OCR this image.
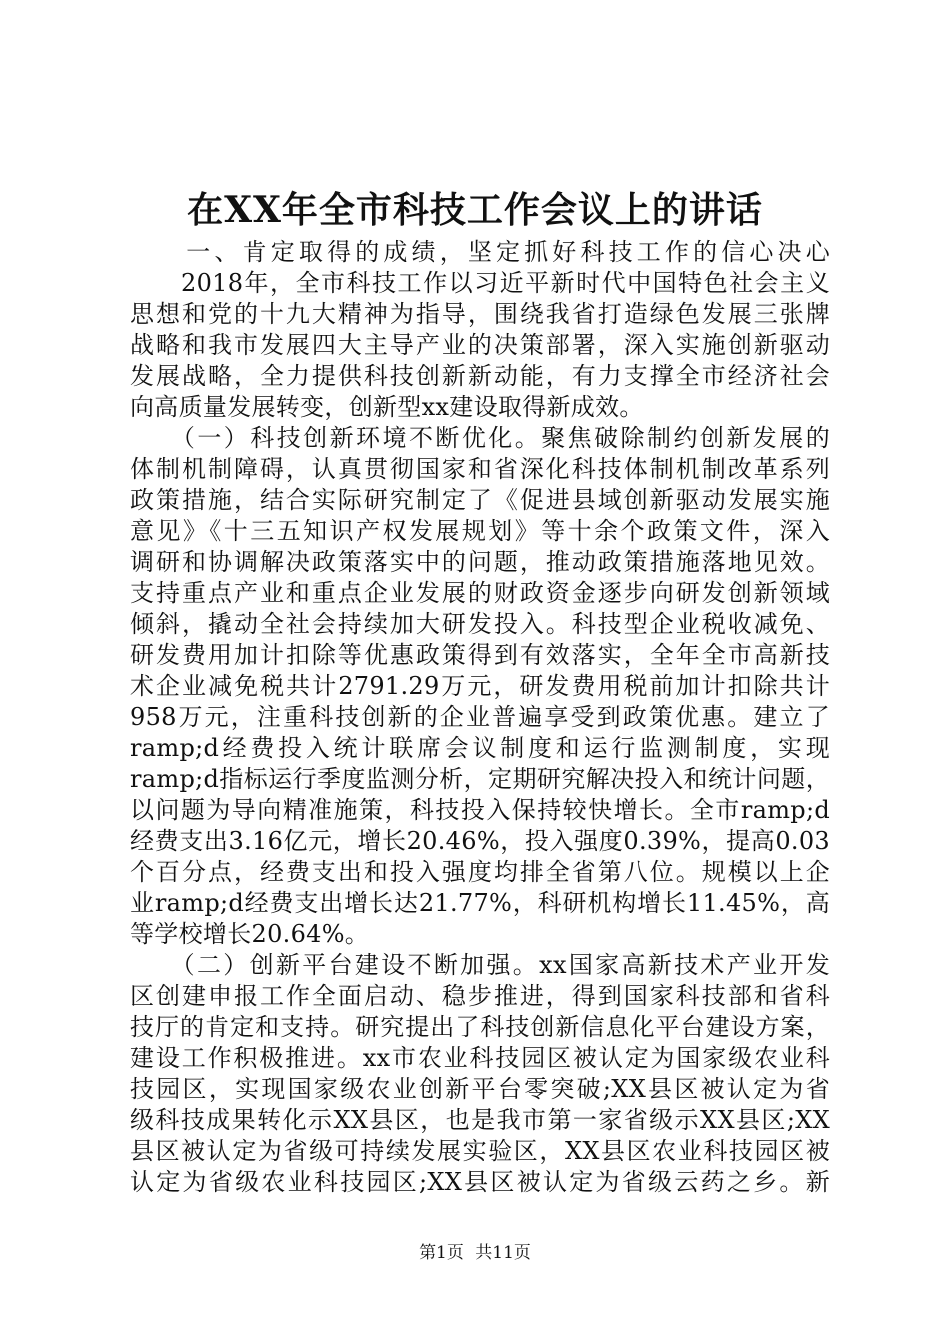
在XX年全市科技工作会议上的讲话
　　一、肯定取得的成绩，坚定抓好科技工作的信心决心
　　2018年，全市科技工作以习近平新时代中国特色社会主义
思想和党的十九大精神为指导，围绕我省打造绿色发展三张牌
战略和我市发展四大主导产业的决策部署，深入实施创新驱动
发展战略，全力提供科技创新新动能，有力支撑全市经济社会
向高质量发展转变，创新型xx建设取得新成效。
　　（一）科技创新环境不断优化。聚焦破除制约创新发展的
体制机制障碍，认真贯彻国家和省深化科技体制机制改革系列
政策措施，结合实际研究制定了《促进县域创新驱动发展实施
意见》《十三五知识产权发展规划》等十余个政策文件，深入
调研和协调解决政策落实中的问题，推动政策措施落地见效。
支持重点产业和重点企业发展的财政资金逐步向研发创新领域
倾斜，撬动全社会持续加大研发投入。科技型企业税收减免、
研发费用加计扣除等优惠政策得到有效落实，全年全市高新技
术企业减免税共计2791.29万元，研发费用税前加计扣除共计
958万元，注重科技创新的企业普遍享受到政策优惠。建立了
ramp;d经费投入统计联席会议制度和运行监测制度，实现
ramp;d指标运行季度监测分析，定期研究解决投入和统计问题，
以问题为导向精准施策，科技投入保持较快增长。全市ramp;d
经费支出3.16亿元，增长20.46%，投入强度0.39%，提高0.03
个百分点，经费支出和投入强度均排全省第八位。规模以上企
业ramp;d经费支出增长达21.77%，科研机构增长11.45%，高
等学校增长20.64%。
　　（二）创新平台建设不断加强。xx国家高新技术产业开发
区创建申报工作全面启动、稳步推进，得到国家科技部和省科
技厅的肯定和支持。研究提出了科技创新信息化平台建设方案，
建设工作积极推进。xx市农业科技园区被认定为国家级农业科
技园区，实现国家级农业创新平台零突破;XX县区被认定为省
级科技成果转化示XX县区，也是我市第一家省级示XX县区;XX
县区被认定为省级可持续发展实验区，XX县区农业科技园区被
认定为省级农业科技园区;XX县区被认定为省级云药之乡。新
第1页 共11页
